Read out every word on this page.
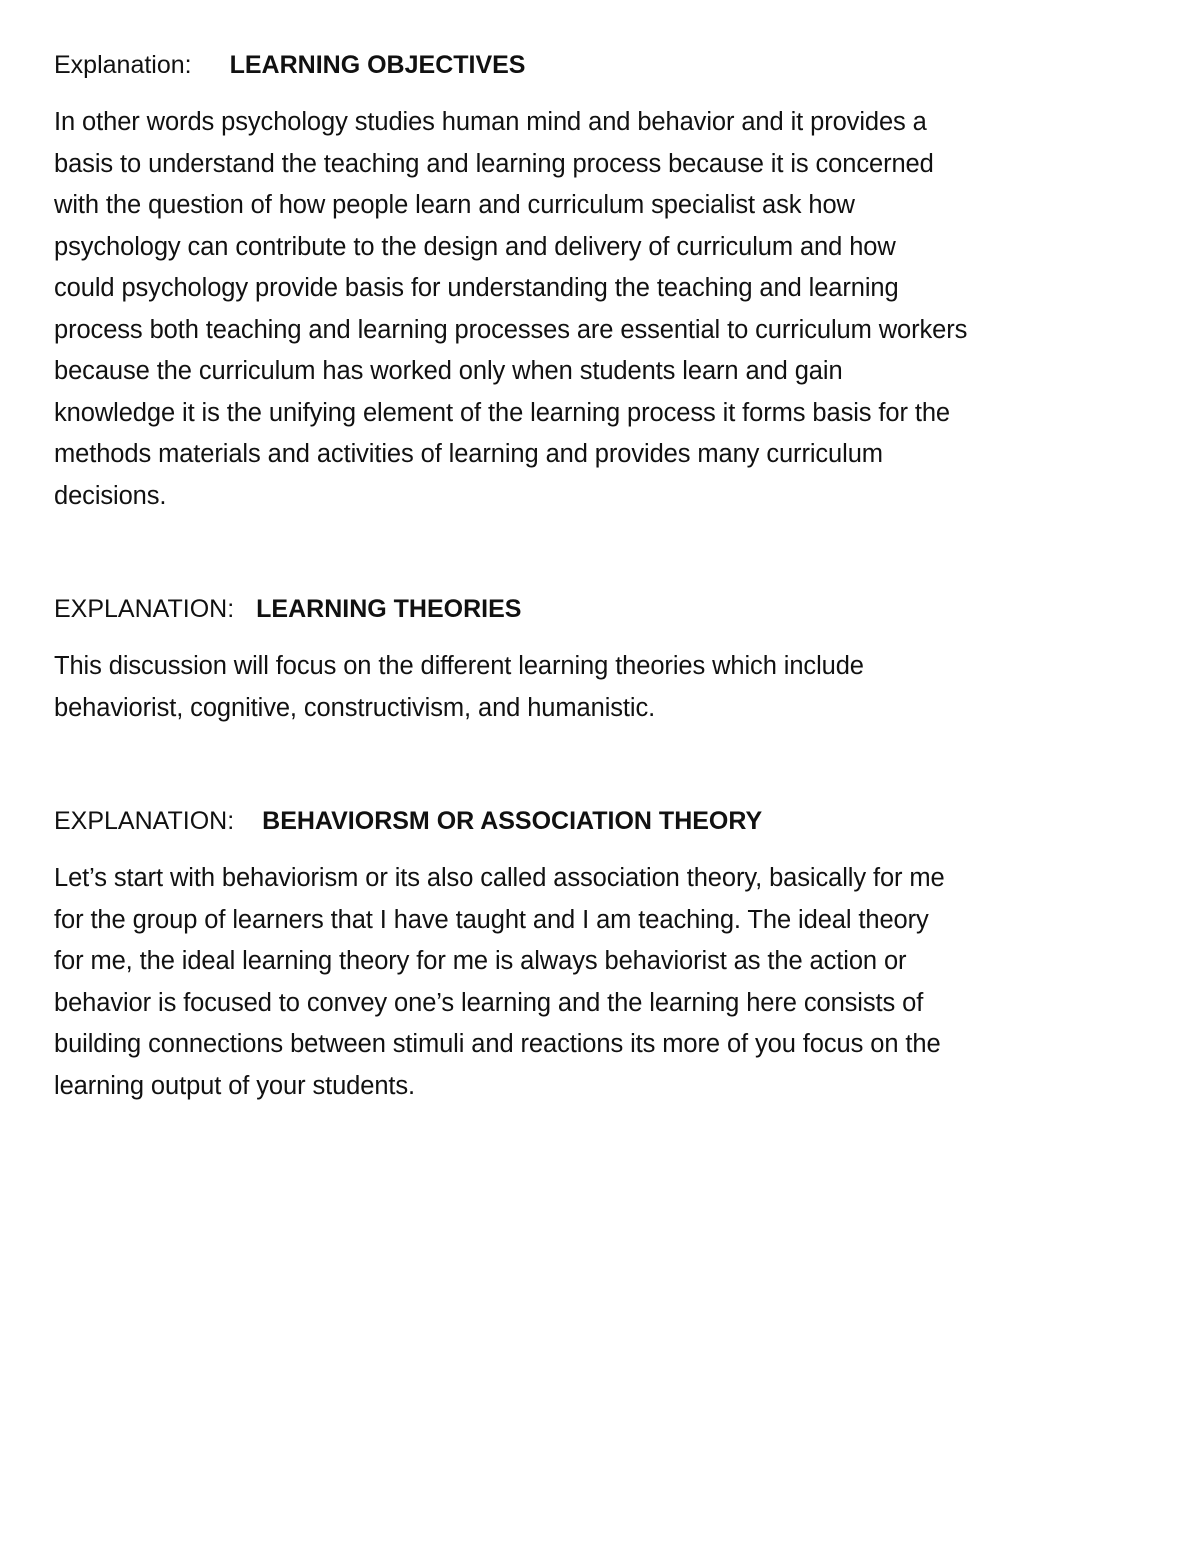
Explanation: LEARNING OBJECTIVES

In other words psychology studies human mind and behavior and it provides a
basis to understand the teaching and learning process because it is concerned
with the question of how people learn and curriculum specialist ask how
psychology can contribute to the design and delivery of curriculum and how
could psychology provide basis for understanding the teaching and learning
process both teaching and learning processes are essential to curriculum workers
because the curriculum has worked only when students learn and gain
knowledge it is the unifying element of the learning process it forms basis for the
methods materials and activities of learning and provides many curriculum
decisions.

EXPLANATION: LEARNING THEORIES

This discussion will focus on the different learning theories which include
behaviorist, cognitive, constructivism, and humanistic.

EXPLANATION: BEHAVIORSM OR ASSOCIATION THEORY

Let’s start with behaviorism or its also called association theory, basically for me
for the group of learners that I have taught and I am teaching. The ideal theory
for me, the ideal learning theory for me is always behaviorist as the action or
behavior is focused to convey one’s learning and the learning here consists of
building connections between stimuli and reactions its more of you focus on the
learning output of your students.
